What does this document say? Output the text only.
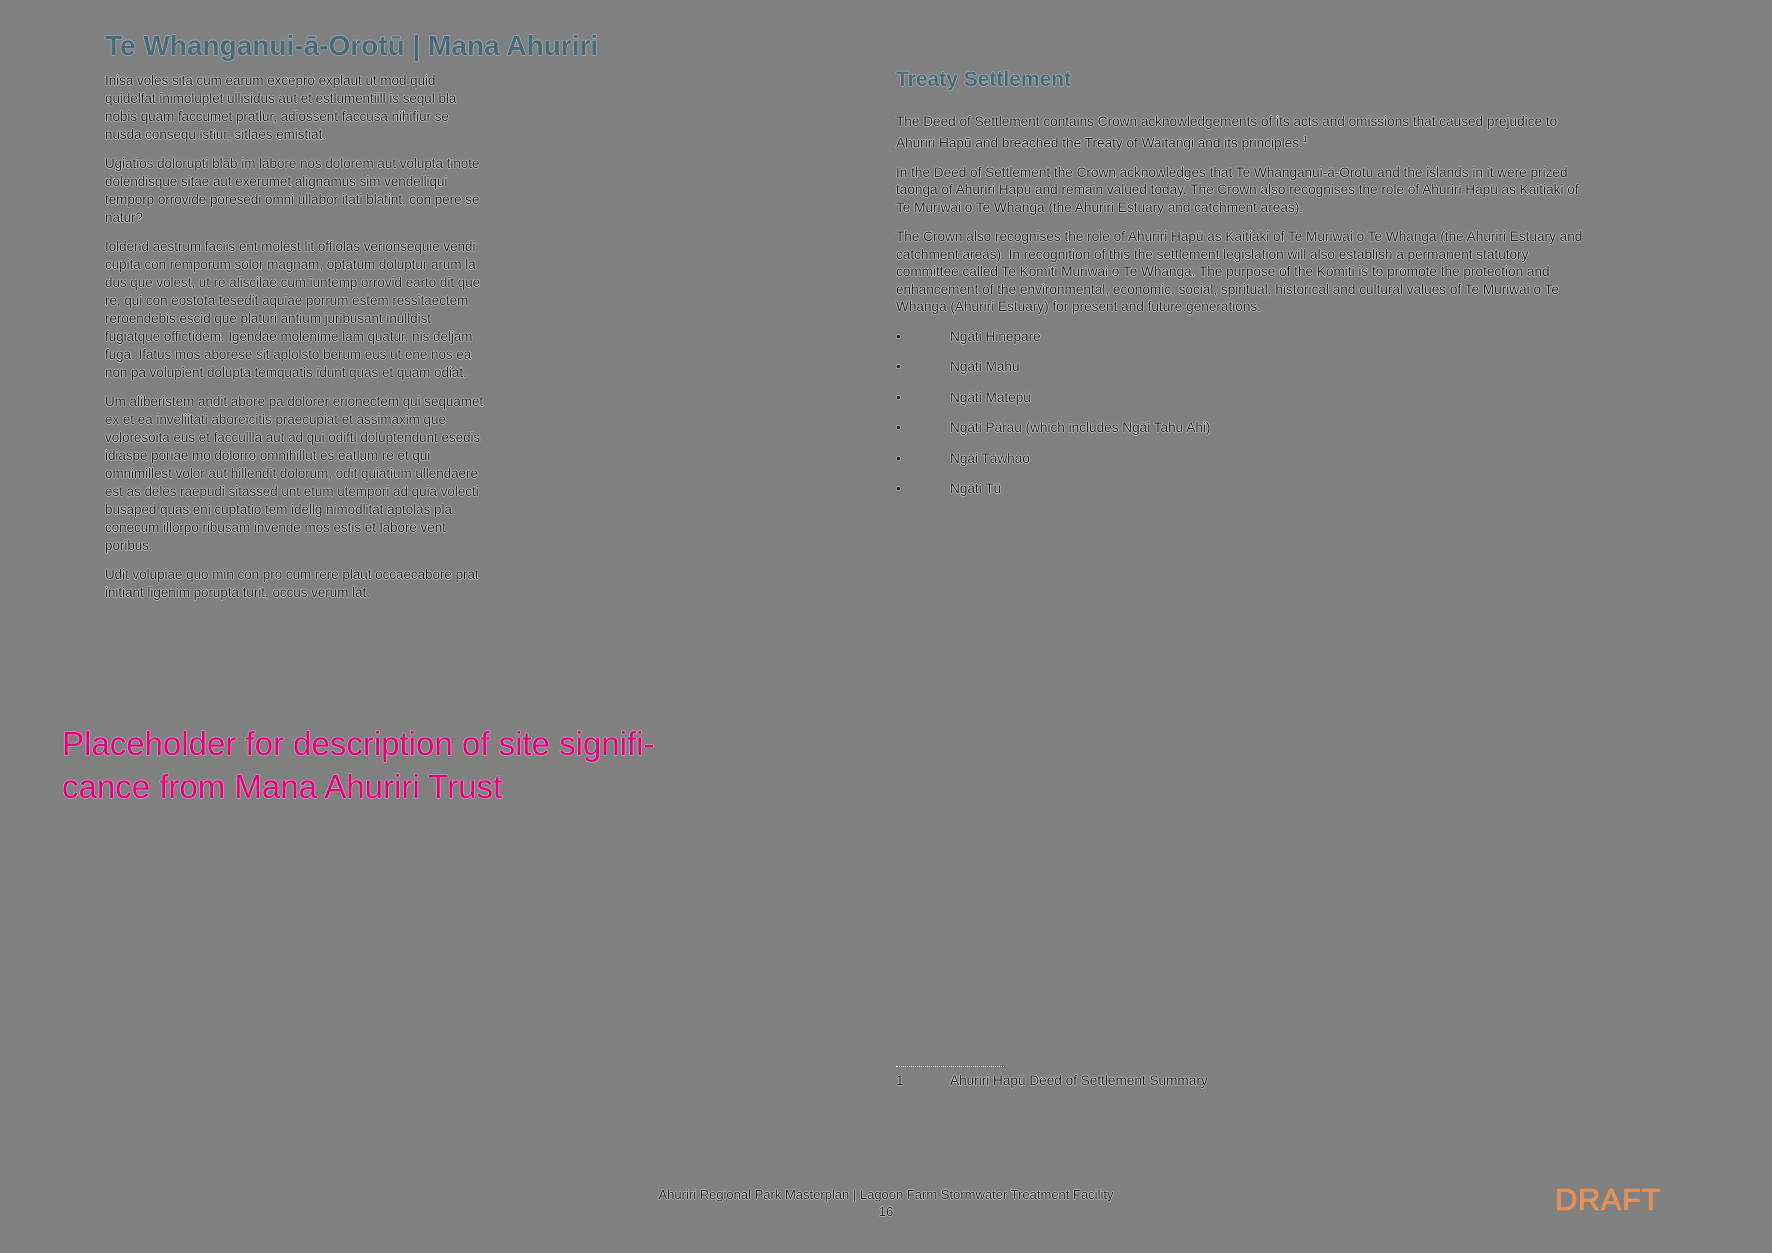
Te Whanganui-ā-Orotū | Mana Ahuriri

Inisa voles sita cum earum excepro explaut ut mod quid quidelfat inimoluplet ullisidus aut et estlumentiill is sequl bla nobis quam faccumet pratlur, adiossent faccusa nihifiur se nusda consequ istiur, sitlaes emistiat.

Ugiatios dolorupti blab im labore nos dolorem aut volupta tinote dolendisque sitae aut exerumet alignamus sim vendelliqui temporp orrovide poresedi omni ullabor itati blatint, con pere se natur?

Ioldend aestrum faciis ent molest lit offiolas verionsequie vendi cupita con remporum solor magnam, optatum doluptur arum la dus que volest, ut re aliscilae cum iuntemp orrovid earto dit que re, qui con eostota tesedit aquiae porrum estem ressitaectem reroendebis escid que platuri antium juribusant inulldist fugiatque offictidem. Igendae molenime lam quatur, nis deljam fuga. Ifatus mos aborese sit aplolsto berum eus ut ene nos ea non pa volupient dolupta temquatis idunt quas et quam odiat.

Um aliberistem andit abore pa dolorer erionectem qui sequamet ex et ea inveliitati aboreicitis praecupiat et assimaxim que voloresoita eus et faccullla aut ad qui odiftl doluptendunt esedis idiaspe poriae mo dolorro omnihillut es eatlum re et qui omnimillest volor aut hillendit dolorum, odit quiatium ullendaere est as deles raepudi sitassed unt etum utempori ad quia volecti busaped quas eni cuptatio tem idellg nimodlitat aptolas pla conecum illorpo ribusam invende mos estis et labore vent poribus.

Udit volupiae quo min con pro cum rere plaut occaecabore prat initiant ligenim porupta turit, occus verum lat.

Placeholder for description of site signifi-
cance from Mana Ahuriri Trust
Treaty Settlement

The Deed of Settlement contains Crown acknowledgements of its acts and omissions that caused prejudice to Ahuriri Hapū and breached the Treaty of Waitangi and its principles.$^1$

In the Deed of Settlement the Crown acknowledges that Te Whanganui-ā-Orotu and the islands in it were prized taonga of Ahuriri Hapū and remain valued today. The Crown also recognises the role of Ahuriri Hapū as Kaitiaki of Te Muriwai o Te Whanga (the Ahuriri Estuary and catchment areas).

The Crown also recognises the role of Ahuriri Hapū as Kaitiaki of Te Muriwai o Te Whanga (the Ahuriri Estuary and catchment areas). In recognition of this the settlement legislation will also establish a permanent statutory committee called Te Komiti Muriwai o Te Whanga. The purpose of the Komiti is to promote the protection and enhancement of the environmental, economic, social, spiritual, historical and cultural values of Te Muriwai o Te Whanga (Ahuriri Estuary) for present and future generations.

•	Ngāti Hinepare
•	Ngāti Mahu
•	Ngāti Matepū
•	Ngāti Pārau (which includes Ngāi Tahu Ahi)
•	Ngāi Tāwhao
•	Ngāti Tū
1	Ahuriri Hapū Deed of Settlement Summary
Ahuriri Regional Park Masterplan | Lagoon Farm Stormwater Treatment Facility
16	DRAFT
